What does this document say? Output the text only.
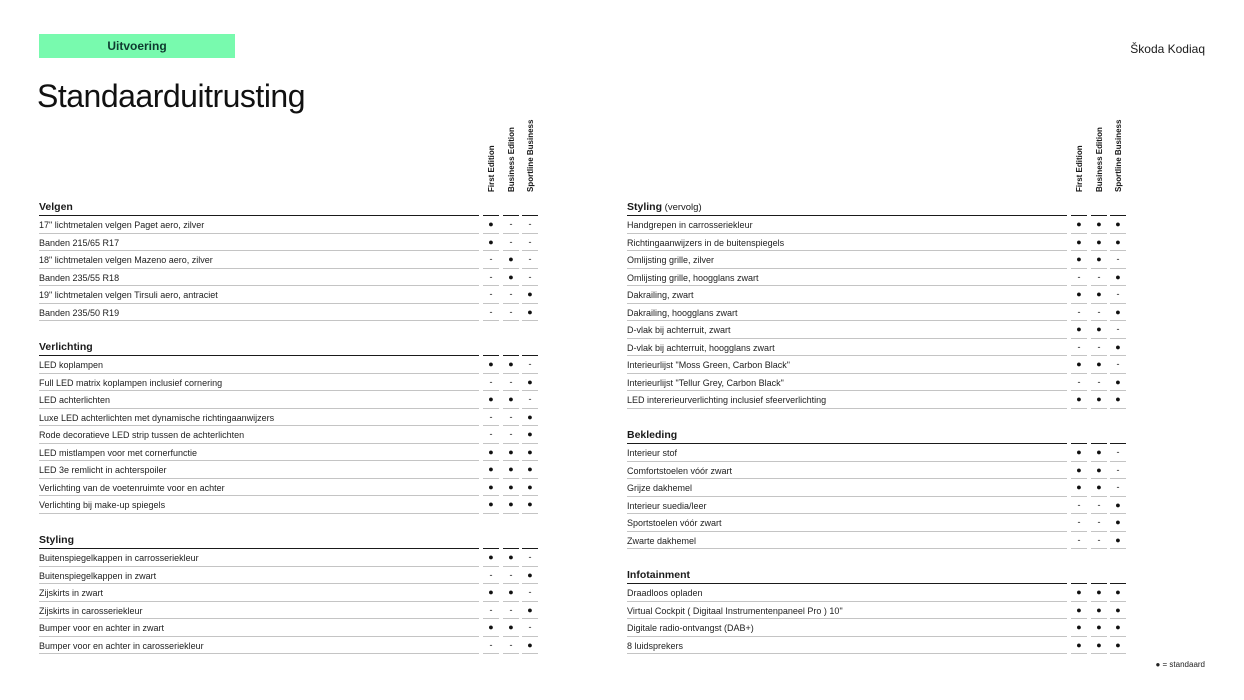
Uitvoering	Škoda Kodiaq
Standaarduitrusting
First Edition Business Edition Sportline Business
Velgen
17" lichtmetalen velgen Paget aero, zilver	●	-	-
Banden 215/65 R17	●	-	-
18" lichtmetalen velgen Mazeno aero, zilver	-	●	-
Banden 235/55 R18	-	●	-
19" lichtmetalen velgen Tirsuli aero, antraciet	-	-	●
Banden 235/50 R19	-	-	●
Verlichting
LED koplampen	●	●	-
Full LED matrix koplampen inclusief cornering	-	-	●
LED achterlichten	●	●	-
Luxe LED achterlichten met dynamische richtingaanwijzers	-	-	●
Rode decoratieve LED strip tussen de achterlichten	-	-	●
LED mistlampen voor met cornerfunctie	●	●	●
LED 3e remlicht in achterspoiler	●	●	●
Verlichting van de voetenruimte voor en achter	●	●	●
Verlichting bij make-up spiegels	●	●	●
Styling
Buitenspiegelkappen in carrosseriekleur	●	●	-
Buitenspiegelkappen in zwart	-	-	●
Zijskirts in zwart	●	●	-
Zijskirts in carosseriekleur	-	-	●
Bumper voor en achter in zwart	●	●	-
Bumper voor en achter in carosseriekleur	-	-	●
First Edition Business Edition Sportline Business
Styling (vervolg)
Handgrepen in carrosseriekleur	●	●	●
Richtingaanwijzers in de buitenspiegels	●	●	●
Omlijsting grille, zilver	●	●	-
Omlijsting grille, hoogglans zwart	-	-	●
Dakrailing, zwart	●	●	-
Dakrailing, hoogglans zwart	-	-	●
D-vlak bij achterruit, zwart	●	●	-
D-vlak bij achterruit, hoogglans zwart	-	-	●
Interieurlijst "Moss Green, Carbon Black"	●	●	-
Interieurlijst "Tellur Grey, Carbon Black"	-	-	●
LED intererieurverlichting inclusief sfeerverlichting	●	●	●
Bekleding
Interieur stof	●	●	-
Comfortstoelen vóór zwart	●	●	-
Grijze dakhemel	●	●	-
Interieur suedia/leer	-	-	●
Sportstoelen vóór zwart	-	-	●
Zwarte dakhemel	-	-	●
Infotainment
Draadloos opladen	●	●	●
Virtual Cockpit ( Digitaal Instrumentenpaneel Pro ) 10"	●	●	●
Digitale radio-ontvangst (DAB+)	●	●	●
8 luidsprekers	●	●	●
● = standaard
